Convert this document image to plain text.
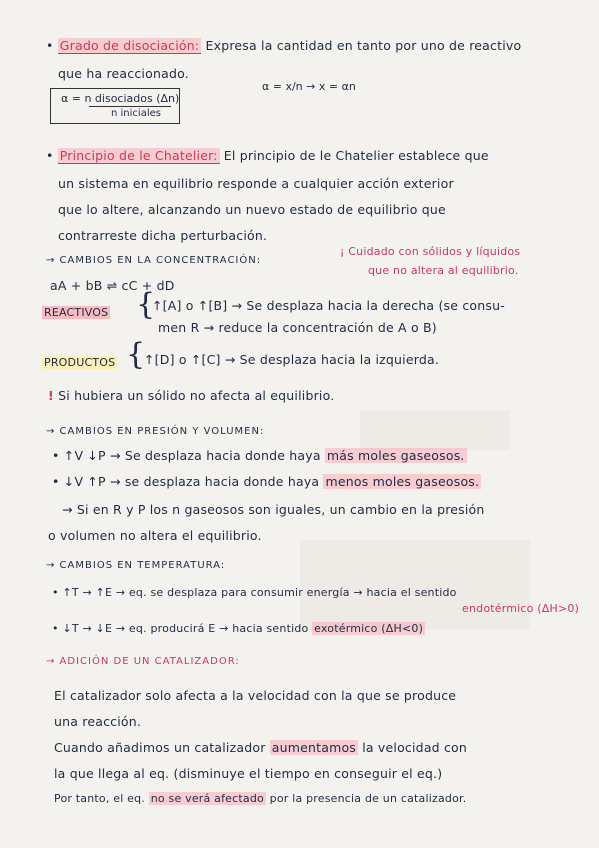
• Grado de disociación: Expresa la cantidad en tanto por uno de reactivo
que ha reaccionado.
α = n disociados (Δn)
n iniciales
α = x/n → x = αn
• Principio de le Chatelier: El principio de le Chatelier establece que
un sistema en equilibrio responde a cualquier acción exterior
que lo altere, alcanzando un nuevo estado de equilibrio que
contrarreste dicha perturbación.
→ CAMBIOS EN LA CONCENTRACIÓN:
¡ Cuidado con sólidos y líquidos
que no altera al equilibrio.
aA + bB ⇌ cC + dD
REACTIVOS {
↑[A] o ↑[B] → Se desplaza hacia la derecha (se consu-
men R → reduce la concentración de A o B)
PRODUCTOS {
↑[D] o ↑[C] → Se desplaza hacia la izquierda.
! Si hubiera un sólido no afecta al equilibrio.
→ CAMBIOS EN PRESIÓN Y VOLUMEN:
• ↑V ↓P → Se desplaza hacia donde haya más moles gaseosos.
• ↓V ↑P → se desplaza hacia donde haya menos moles gaseosos.
→ Si en R y P los n gaseosos son iguales, un cambio en la presión
o volumen no altera el equilibrio.
→ CAMBIOS EN TEMPERATURA:
• ↑T → ↑E → eq. se desplaza para consumir energía → hacia el sentido
endotérmico (ΔH>0)
• ↓T → ↓E → eq. producirá E → hacia sentido exotérmico (ΔH<0)
→ ADICIÓN DE UN CATALIZADOR:
El catalizador solo afecta a la velocidad con la que se produce
una reacción.
Cuando añadimos un catalizador aumentamos la velocidad con
la que llega al eq. (disminuye el tiempo en conseguir el eq.)
Por tanto, el eq. no se verá afectado por la presencia de un catalizador.
